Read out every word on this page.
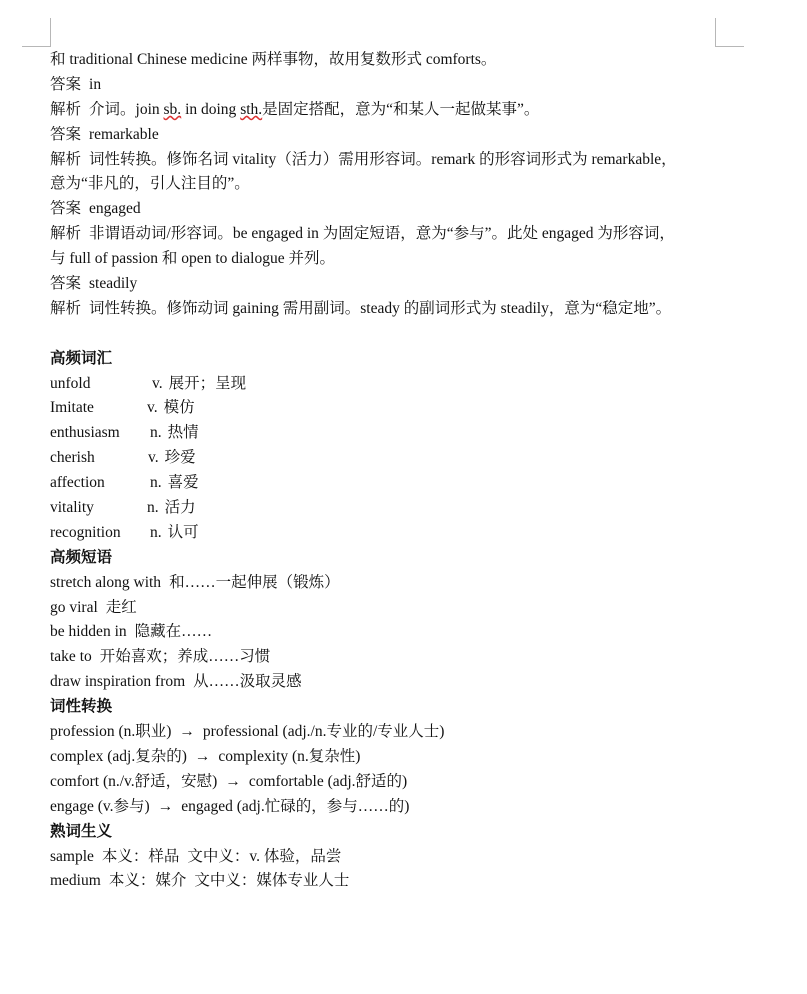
和 traditional Chinese medicine 两样事物，故用复数形式 comforts。
答案 in
解析 介词。join sb. in doing sth.是固定搭配，意为“和某人一起做某事”。
答案 remarkable
解析 词性转换。修饰名词 vitality（活力）需用形容词。remark 的形容词形式为 remarkable，
意为“非凡的，引人注目的”。
答案 engaged
解析 非谓语动词/形容词。be engaged in 为固定短语，意为“参与”。此处 engaged 为形容词，
与 full of passion 和 open to dialogue 并列。
答案 steadily
解析 词性转换。修饰动词 gaining 需用副词。steady 的副词形式为 steadily，意为“稳定地”。
高频词汇
unfold	v. 展开；呈现
Imitate	v. 模仿
enthusiasm n. 热情
cherish	v. 珍爱
affection	n. 喜爱
vitality	n. 活力
recognition n. 认可
高频短语
stretch along with 和……一起伸展（锻炼）
go viral 走红
be hidden in 隐藏在……
take to 开始喜欢；养成……习惯
draw inspiration from 从……汲取灵感
词性转换
profession (n.职业) → professional (adj./n.专业的/专业人士)
complex (adj.复杂的) → complexity (n.复杂性)
comfort (n./v.舒适，安慰) → comfortable (adj.舒适的)
engage (v.参与) → engaged (adj.忙碌的，参与……的)
熟词生义
sample 本义：样品 文中义：v. 体验，品尝
medium 本义：媒介 文中义：媒体专业人士
